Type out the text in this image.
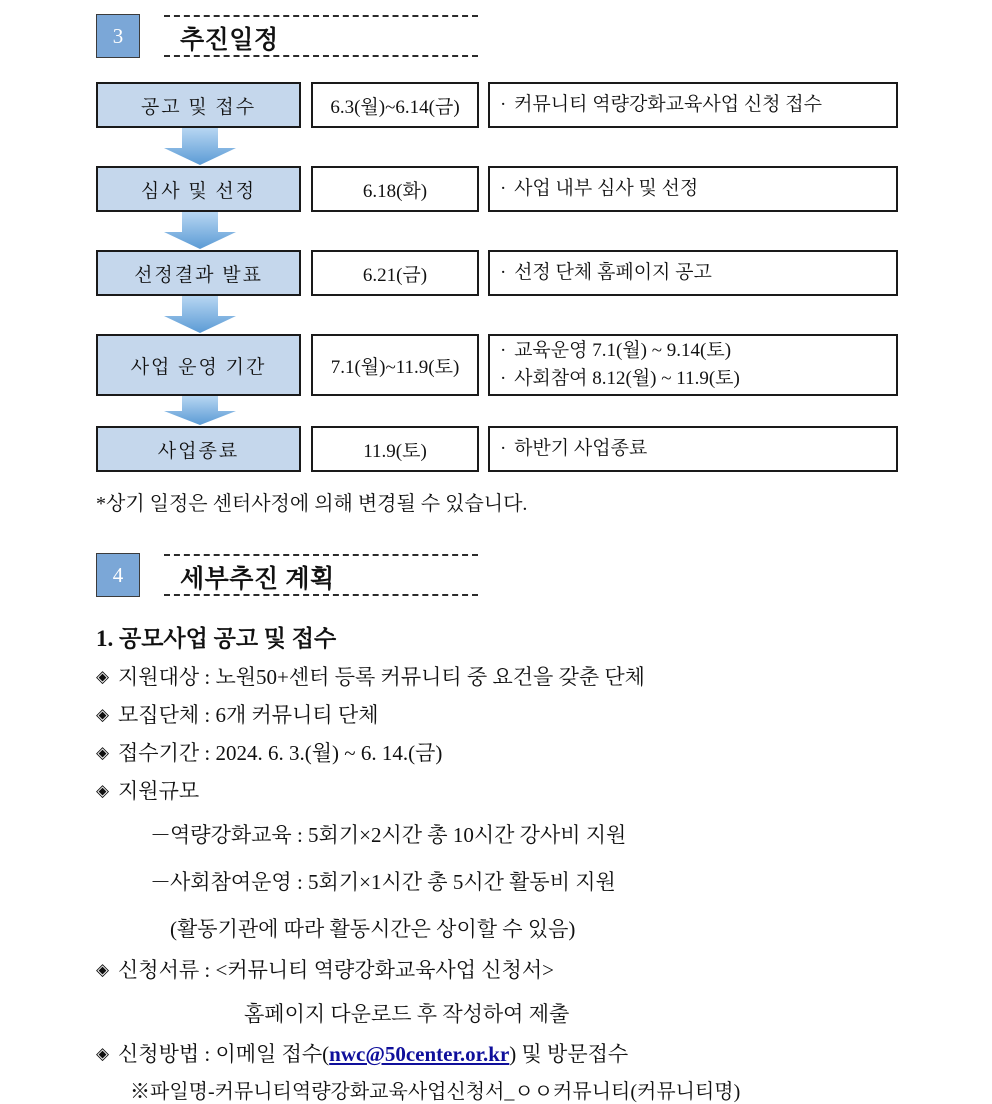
3	추진일정
공고 및 접수	6.3(월)~6.14(금)	· 커뮤니티 역량강화교육사업 신청 접수
심사 및 선정	6.18(화)	· 사업 내부 심사 및 선정
선정결과 발표	6.21(금)	· 선정 단체 홈페이지 공고
사업 운영 기간	7.1(월)~11.9(토)
· 교육운영 7.1(월) ~ 9.14(토)
· 사회참여 8.12(월) ~ 11.9(토)
사업종료	11.9(토)	· 하반기 사업종료
*상기 일정은 센터사정에 의해 변경될 수 있습니다.
4	세부추진 계획
1. 공모사업 공고 및 접수
◈ 지원대상 : 노원50+센터 등록 커뮤니티 중 요건을 갖춘 단체
◈ 모집단체 : 6개 커뮤니티 단체
◈ 접수기간 : 2024. 6. 3.(월) ~ 6. 14.(금)
◈ 지원규모
－역량강화교육 : 5회기×2시간 총 10시간 강사비 지원
－사회참여운영 : 5회기×1시간 총 5시간 활동비 지원
(활동기관에 따라 활동시간은 상이할 수 있음)
◈ 신청서류 : <커뮤니티 역량강화교육사업 신청서>
홈페이지 다운로드 후 작성하여 제출
◈ 신청방법 : 이메일 접수(nwc@50center.or.kr) 및 방문접수
※파일명-커뮤니티역량강화교육사업신청서_ㅇㅇ커뮤니티(커뮤니티명)
